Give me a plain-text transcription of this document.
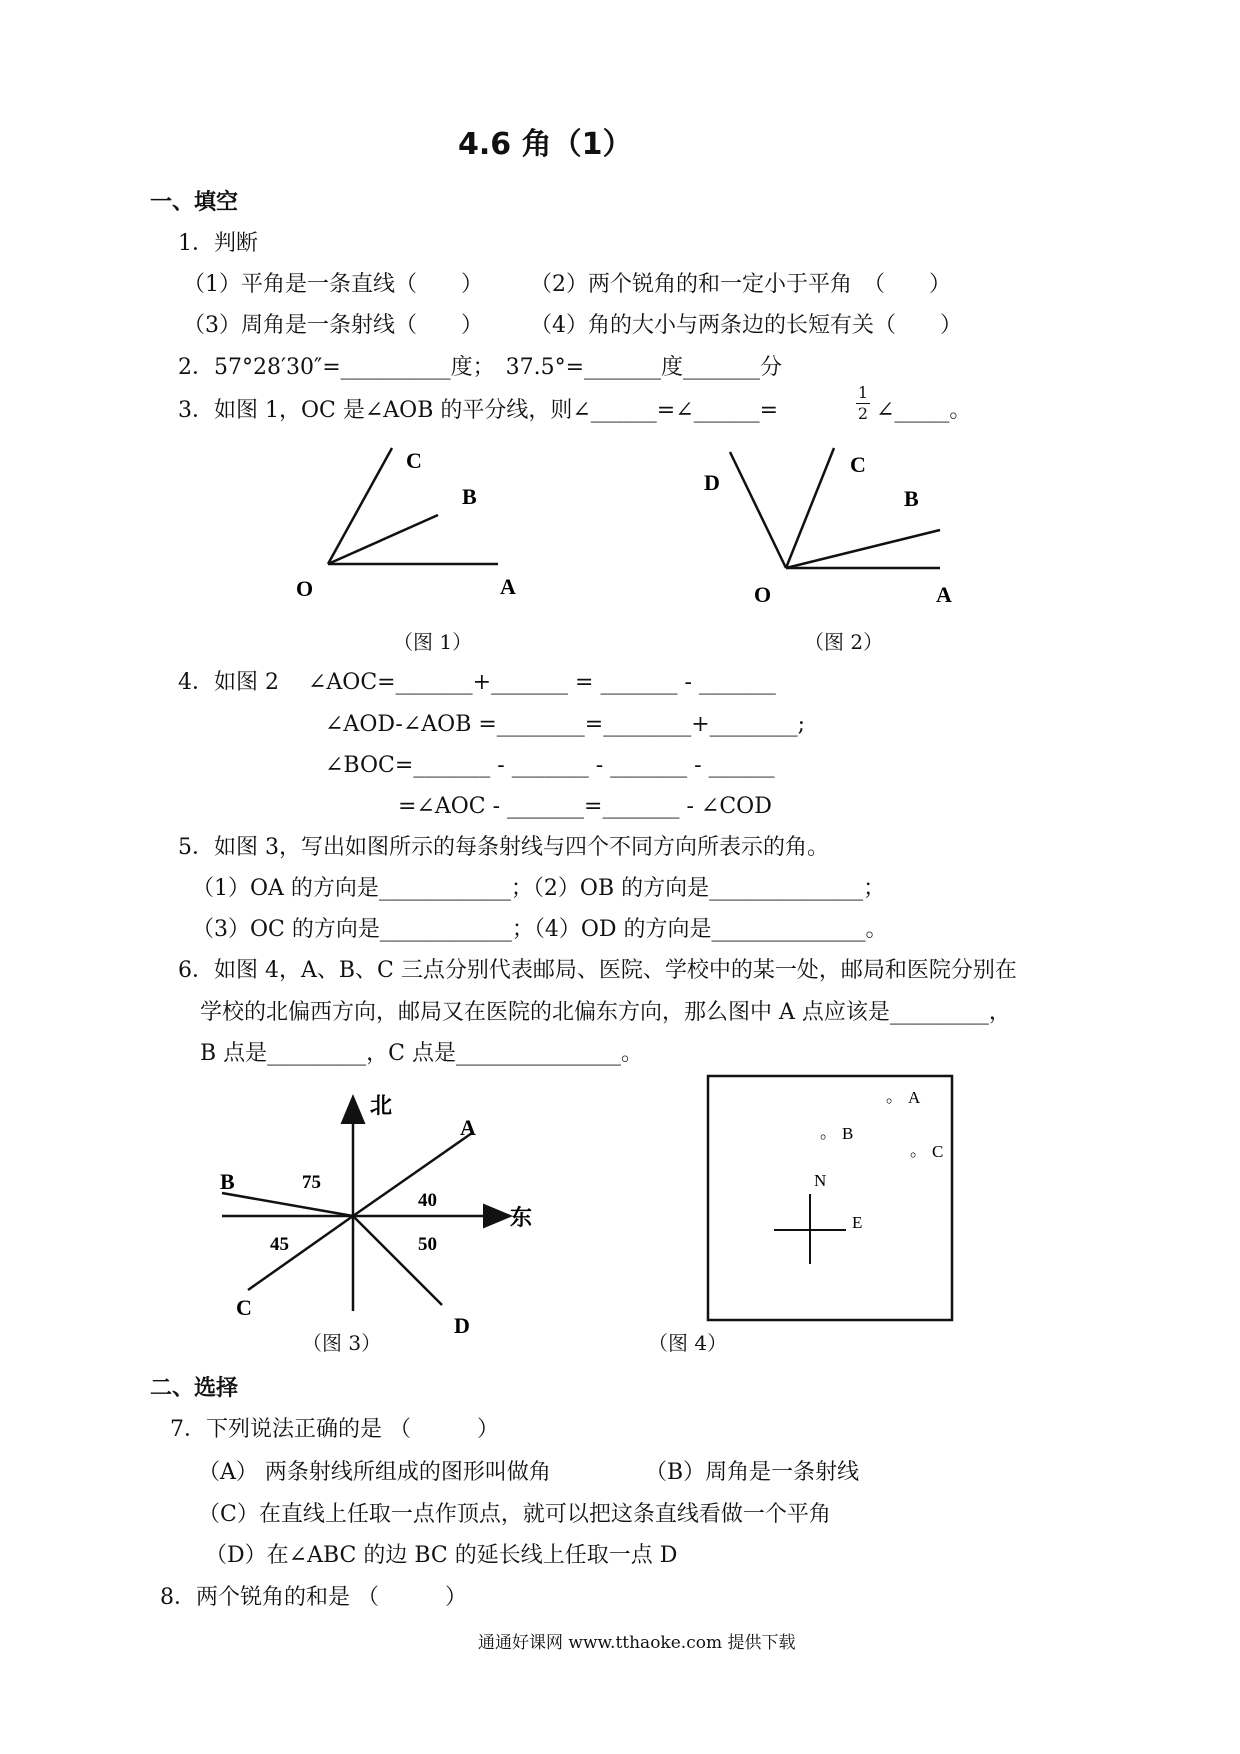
4.6 角（1）
一、填空
1．判断
（1）平角是一条直线（　　） （2）两个锐角的和一定小于平角　（　　）
（3）周角是一条射线（　　） （4）角的大小与两条边的长短有关（　　）
2．57°28′30″=__________度；　37.5°=_______度_______分
3．如图 1，OC 是∠AOB 的平分线，则∠______=∠______=
1
2 ∠_____。
C
B
O	A
（图 1）
D
C
B
O	A
（图 2）
4．如图 2　 ∠AOC=_______+_______ = _______ - _______
∠AOD-∠AOB =________=________+________;
∠BOC=_______ - _______ - _______ - ______
=∠AOC - _______=_______ - ∠COD
5．如图 3，写出如图所示的每条射线与四个不同方向所表示的角。
（1）OA 的方向是____________；（2）OB 的方向是______________；
（3）OC 的方向是____________；（4）OD 的方向是______________。
6．如图 4，A、B、C 三点分别代表邮局、医院、学校中的某一处，邮局和医院分别在
学校的北偏西方向，邮局又在医院的北偏东方向，那么图中 A 点应该是_________，
B 点是_________，C 点是_______________。
北
东
A
B
C
D
40
75
45	50
（图 3）
。 A
。 B
。 C
N
E
（图 4）
二、选择
7．下列说法正确的是 （　　　）
（A） 两条射线所组成的图形叫做角	（B）周角是一条射线
（C）在直线上任取一点作顶点，就可以把这条直线看做一个平角
（D）在∠ABC 的边 BC 的延长线上任取一点 D
8．两个锐角的和是 （　　　）
通通好课网 www.tthaoke.com 提供下载
